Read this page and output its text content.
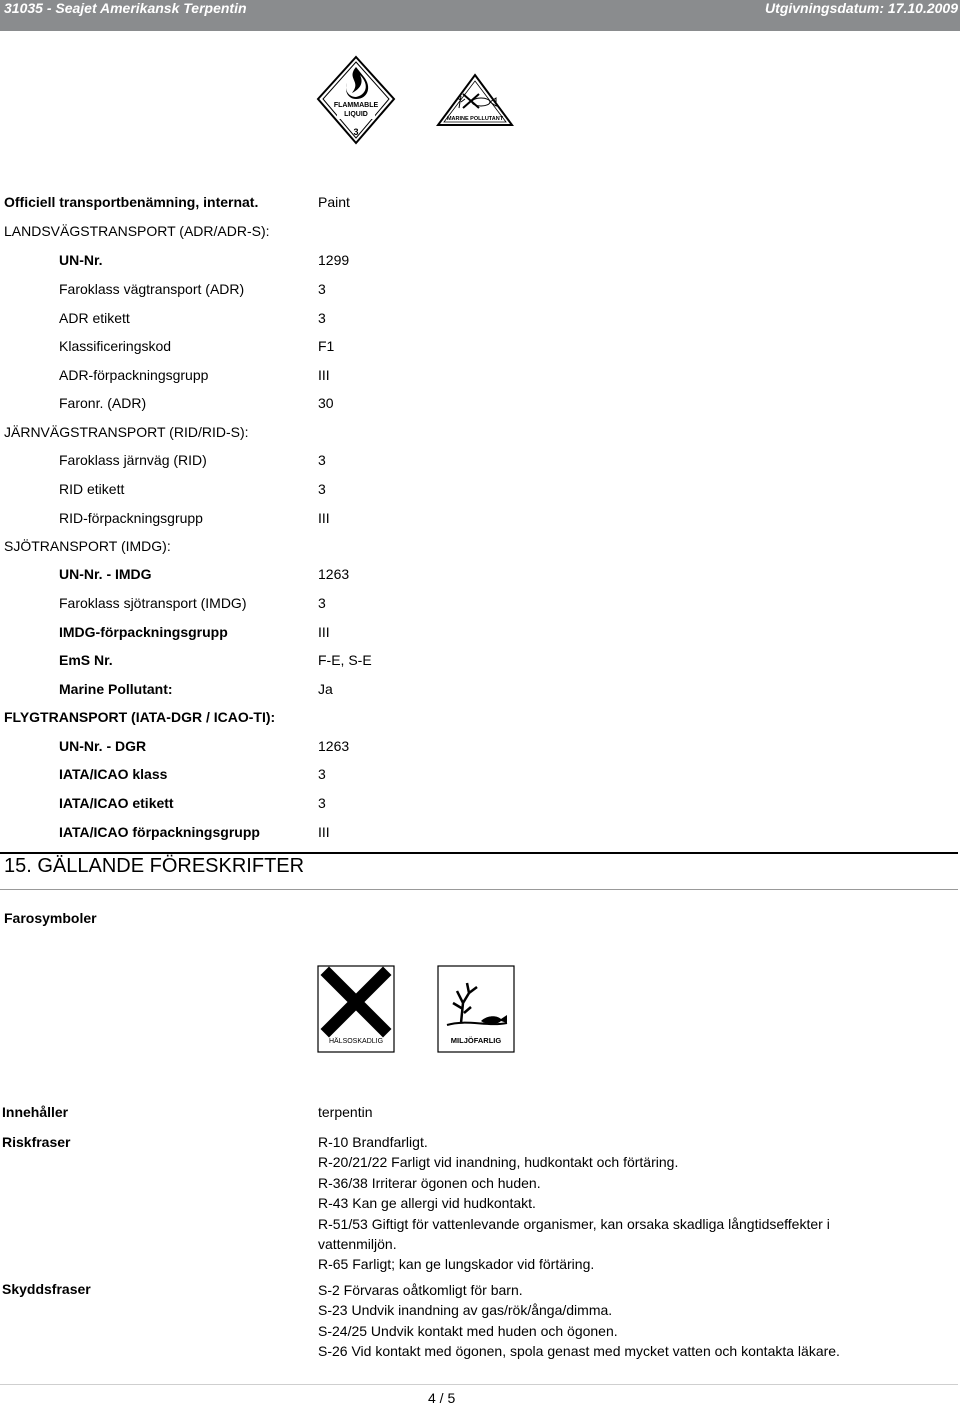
31035 - Seajet Amerikansk Terpentin	Utgivningsdatum: 17.10.2009
FLAMMABLE
LIQUID
3
MARINE POLLUTANT
Officiell transportbenämning, internat.	Paint
LANDSVÄGSTRANSPORT (ADR/ADR-S):
UN-Nr.	1299
Faroklass vägtransport (ADR)	3
ADR etikett	3
Klassificeringskod	F1
ADR-förpackningsgrupp	III
Faronr. (ADR)	30
JÄRNVÄGSTRANSPORT (RID/RID-S):
Faroklass järnväg (RID)	3
RID etikett	3
RID-förpackningsgrupp	III
SJÖTRANSPORT (IMDG):
UN-Nr. - IMDG	1263
Faroklass sjötransport (IMDG)	3
IMDG-förpackningsgrupp	III
EmS Nr.	F-E, S-E
Marine Pollutant:	Ja
FLYGTRANSPORT (IATA-DGR / ICAO-TI):
UN-Nr. - DGR	1263
IATA/ICAO klass	3
IATA/ICAO etikett	3
IATA/ICAO förpackningsgrupp	III
15. GÄLLANDE FÖRESKRIFTER
Farosymboler
HÄLSOSKADLIG	MILJÖFARLIG
Innehåller	terpentin
Riskfraser	R-10 Brandfarligt.
R-20/21/22 Farligt vid inandning, hudkontakt och förtäring.
R-36/38 Irriterar ögonen och huden.
R-43 Kan ge allergi vid hudkontakt.
R-51/53 Giftigt för vattenlevande organismer, kan orsaka skadliga långtidseffekter i vattenmiljön.
R-65 Farligt; kan ge lungskador vid förtäring.
Skyddsfraser	S-2 Förvaras oåtkomligt för barn.
S-23 Undvik inandning av gas/rök/ånga/dimma.
S-24/25 Undvik kontakt med huden och ögonen.
S-26 Vid kontakt med ögonen, spola genast med mycket vatten och kontakta läkare.
4 / 5
